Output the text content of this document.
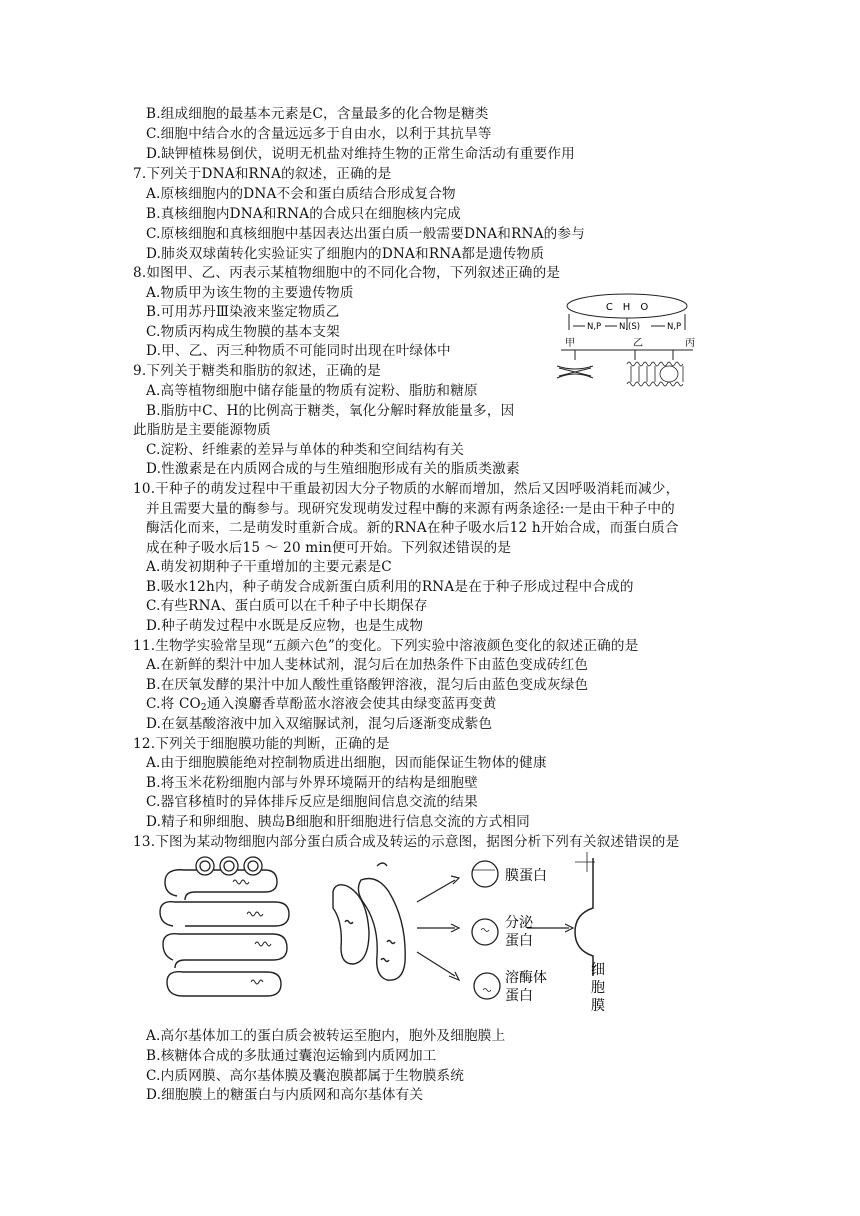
B.组成细胞的最基本元素是C，含量最多的化合物是糖类
C.细胞中结合水的含量远远多于自由水，以利于其抗旱等
D.缺钾植株易倒伏，说明无机盐对维持生物的正常生命活动有重要作用
7.下列关于DNA和RNA的叙述，正确的是
A.原核细胞内的DNA不会和蛋白质结合形成复合物
B.真核细胞内DNA和RNA的合成只在细胞核内完成
C.原核细胞和真核细胞中基因表达出蛋白质一般需要DNA和RNA的参与
D.肺炎双球菌转化实验证实了细胞内的DNA和RNA都是遗传物质
8.如图甲、乙、丙表示某植物细胞中的不同化合物，下列叙述正确的是
A.物质甲为该生物的主要遗传物质
B.可用苏丹Ⅲ染液来鉴定物质乙
C.物质丙构成生物膜的基本支架
D.甲、乙、丙三种物质不可能同时出现在叶绿体中
C　H　O
N,P N,(S)	N,P
甲	乙	丙
9.下列关于糖类和脂肪的叙述，正确的是
A.高等植物细胞中储存能量的物质有淀粉、脂肪和糖原
B.脂肪中C、H的比例高于糖类，氧化分解时释放能量多，因
此脂肪是主要能源物质
C.淀粉、纤维素的差异与单体的种类和空间结构有关
D.性激素是在内质网合成的与生殖细胞形成有关的脂质类激素
10.干种子的萌发过程中干重最初因大分子物质的水解而增加，然后又因呼吸消耗而减少，
并且需要大量的酶参与。现研究发现萌发过程中酶的来源有两条途径:一是由干种子中的
酶活化而来，二是萌发时重新合成。新的RNA在种子吸水后12 h开始合成，而蛋白质合
成在种子吸水后15 ～ 20 min便可开始。下列叙述错误的是
A.萌发初期种子干重增加的主要元素是C
B.吸水12h内，种子萌发合成新蛋白质利用的RNA是在于种子形成过程中合成的
C.有些RNA、蛋白质可以在千种子中长期保存
D.种子萌发过程中水既是反应物，也是生成物
11.生物学实验常呈现“五颜六色”的变化。下列实验中溶液颜色变化的叙述正确的是
A.在新鲜的梨汁中加人斐林试剂，混匀后在加热条件下由蓝色变成砖红色
B.在厌氧发酵的果汁中加人酸性重铬酸钾溶液，混匀后由蓝色变成灰绿色
C.将 $CO_2$通入溴麝香草酚蓝水溶液会使其由绿变蓝再变黄
D.在氨基酸溶液中加入双缩脲试剂，混匀后逐渐变成紫色
12.下列关于细胞膜功能的判断，正确的是
A.由于细胞膜能绝对控制物质进出细胞，因而能保证生物体的健康
B.将玉米花粉细胞内部与外界环境隔开的结构是细胞壁
C.器官移植时的异体排斥反应是细胞间信息交流的结果
D.精子和卵细胞、胰岛B细胞和肝细胞进行信息交流的方式相同
13.下图为某动物细胞内部分蛋白质合成及转运的示意图，据图分析下列有关叙述错误的是
膜蛋白
分泌
蛋白
溶酶体
蛋白
细
胞
膜
A.高尔基体加工的蛋白质会被转运至胞内，胞外及细胞膜上
B.核糖体合成的多肽通过囊泡运输到内质网加工
C.内质网膜、高尔基体膜及囊泡膜都属于生物膜系统
D.细胞膜上的糖蛋白与内质网和高尔基体有关
